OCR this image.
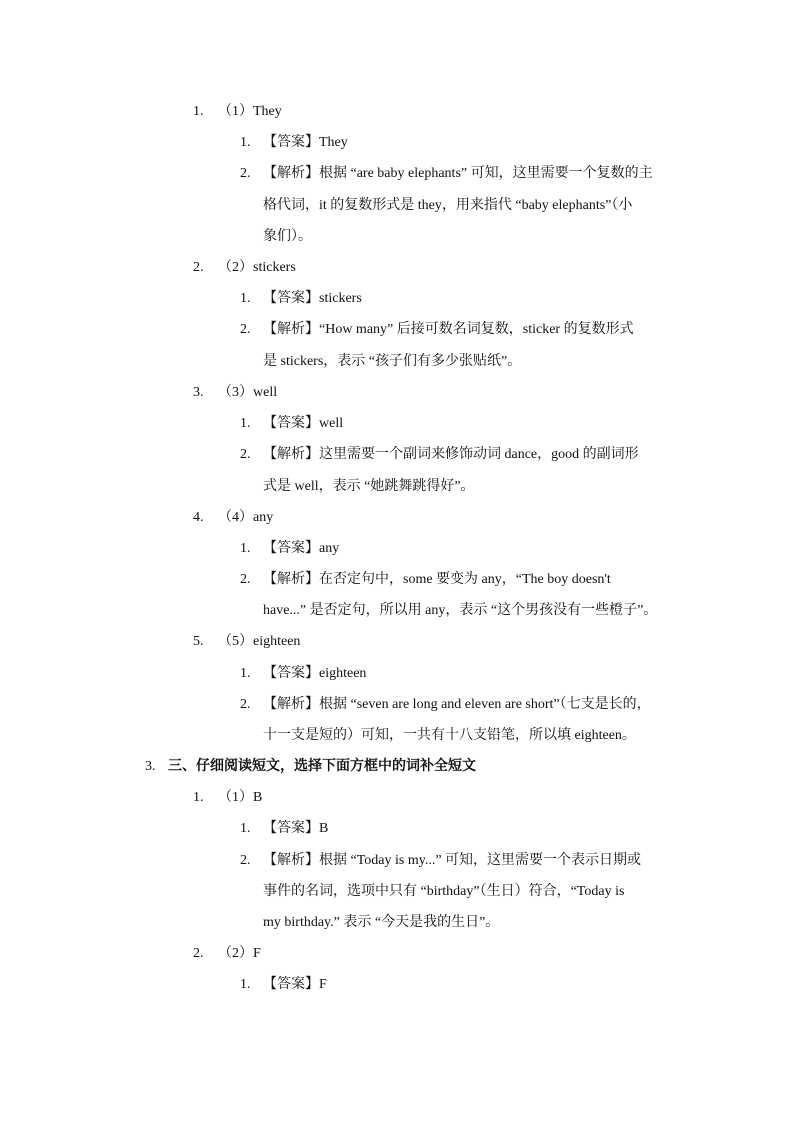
1. （1）They
1. 【答案】They
2. 【解析】根据 “are baby elephants” 可知，这里需要一个复数的主
格代词，it 的复数形式是 they，用来指代 “baby elephants”（小
象们）。
2. （2）stickers
1. 【答案】stickers
2. 【解析】“How many” 后接可数名词复数，sticker 的复数形式
是 stickers，表示 “孩子们有多少张贴纸”。
3. （3）well
1. 【答案】well
2. 【解析】这里需要一个副词来修饰动词 dance，good 的副词形
式是 well，表示 “她跳舞跳得好”。
4. （4）any
1. 【答案】any
2. 【解析】在否定句中，some 要变为 any，“The boy doesn't
have...” 是否定句，所以用 any，表示 “这个男孩没有一些橙子”。
5. （5）eighteen
1. 【答案】eighteen
2. 【解析】根据 “seven are long and eleven are short”（七支是长的，
十一支是短的）可知，一共有十八支铅笔，所以填 eighteen。
3. 三、仔细阅读短文，选择下面方框中的词补全短文
1. （1）B
1. 【答案】B
2. 【解析】根据 “Today is my...” 可知，这里需要一个表示日期或
事件的名词，选项中只有 “birthday”（生日）符合，“Today is
my birthday.” 表示 “今天是我的生日”。
2. （2）F
1. 【答案】F
